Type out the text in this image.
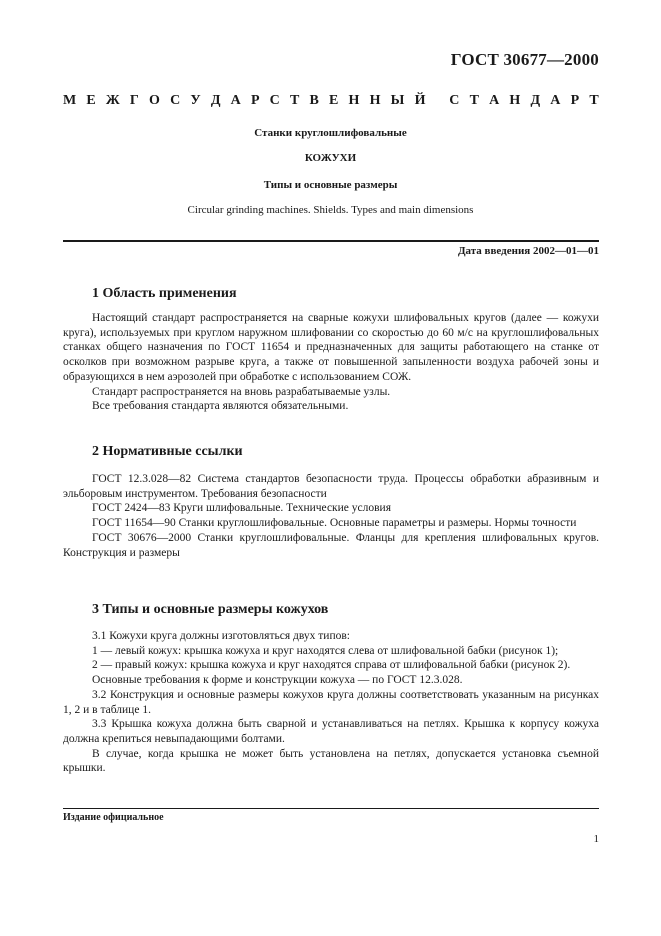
ГОСТ 30677—2000
М Е Ж Г О С У Д А Р С Т В Е Н Н Ы Й
С Т А Н Д А Р Т
Станки круглошлифовальные
КОЖУХИ
Типы и основные размеры
Circular grinding machines. Shields. Types and main dimensions
Дата введения 2002—01—01
1 Область применения

Настоящий стандарт распространяется на сварные кожухи шлифовальных кругов (далее — кожухи круга), используемых при круглом наружном шлифовании со скоростью до 60 м/с на круглошлифовальных станках общего назначения по ГОСТ 11654 и предназначенных для защиты работающего на станке от осколков при возможном разрыве круга, а также от повышенной запыленности воздуха рабочей зоны и образующихся в нем аэрозолей при обработке с использованием СОЖ.

Стандарт распространяется на вновь разрабатываемые узлы.

Все требования стандарта являются обязательными.

2 Нормативные ссылки

ГОСТ 12.3.028—82 Система стандартов безопасности труда. Процессы обработки абразивным и эльборовым инструментом. Требования безопасности

ГОСТ 2424—83 Круги шлифовальные. Технические условия

ГОСТ 11654—90 Станки круглошлифовальные. Основные параметры и размеры. Нормы точности

ГОСТ 30676—2000 Станки круглошлифовальные. Фланцы для крепления шлифовальных кругов. Конструкция и размеры

3 Типы и основные размеры кожухов

3.1 Кожухи круга должны изготовляться двух типов:

1 — левый кожух: крышка кожуха и круг находятся слева от шлифовальной бабки (рисунок 1);

2 — правый кожух: крышка кожуха и круг находятся справа от шлифовальной бабки (рисунок 2).

Основные требования к форме и конструкции кожуха — по ГОСТ 12.3.028.

3.2 Конструкция и основные размеры кожухов круга должны соответствовать указанным на рисунках 1, 2 и в таблице 1.

3.3 Крышка кожуха должна быть сварной и устанавливаться на петлях. Крышка к корпусу кожуха должна крепиться невыпадающими болтами.

В случае, когда крышка не может быть установлена на петлях, допускается установка съемной крышки.

Издание официальное
1
